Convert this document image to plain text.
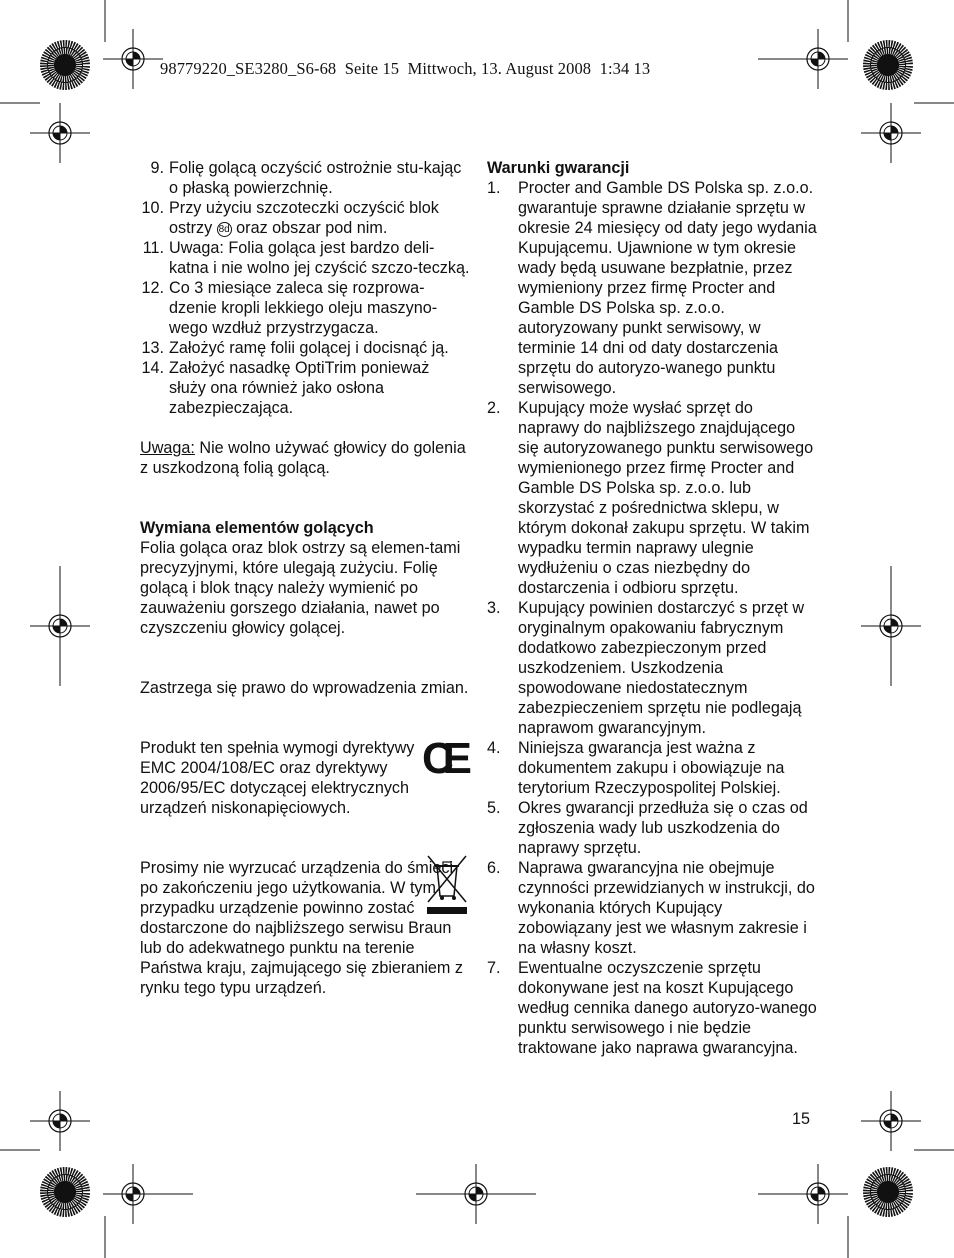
98779220_SE3280_S6-68  Seite 15  Mittwoch, 13. August 2008  1:34 13
9. Folię golącą oczyścić ostrożnie stu-kając o płaską powierzchnię.
10. Przy użyciu szczoteczki oczyścić blok ostrzy 8d oraz obszar pod nim.
11. Uwaga: Folia goląca jest bardzo deli-katna i nie wolno jej czyścić szczo-teczką.
12. Co 3 miesiące zaleca się rozprowa-dzenie kropli lekkiego oleju maszyno-wego wzdłuż przystrzygacza.
13. Założyć ramę folii golącej i docisnąć ją.
14. Założyć nasadkę OptiTrim ponieważ służy ona również jako osłona zabezpieczająca.
Uwaga: Nie wolno używać głowicy do golenia z uszkodzoną folią golącą.
Wymiana elementów golących
Folia goląca oraz blok ostrzy są elemen-tami precyzyjnymi, które ulegają zużyciu. Folię golącą i blok tnący należy wymienić po zauważeniu gorszego działania, nawet po czyszczeniu głowicy golącej.
Zastrzega się prawo do wprowadzenia zmian.
Produkt ten spełnia wymogi dyrektywy EMC 2004/108/EC oraz dyrektywy 2006/95/EC dotyczącej elektrycznych urządzeń niskonapięciowych.
CE
Prosimy nie wyrzucać urządzenia do śmieci po zakończeniu jego użytkowania. W tym przypadku urządzenie powinno zostać dostarczone do najbliższego serwisu Braun lub do adekwatnego punktu na terenie Państwa kraju, zajmującego się zbieraniem z rynku tego typu urządzeń.
Warunki gwarancji
1. Procter and Gamble DS Polska sp. z.o.o. gwarantuje sprawne działanie sprzętu w okresie 24 miesięcy od daty jego wydania Kupującemu. Ujawnione w tym okresie wady będą usuwane bezpłatnie, przez wymieniony przez firmę Procter and Gamble DS Polska sp. z.o.o. autoryzowany punkt serwisowy, w terminie 14 dni od daty dostarczenia sprzętu do autoryzo-wanego punktu serwisowego.
2. Kupujący może wysłać sprzęt do naprawy do najbliższego znajdującego się autoryzowanego punktu serwisowego wymienionego przez firmę Procter and Gamble DS Polska sp. z.o.o. lub skorzystać z pośrednictwa sklepu, w którym dokonał zakupu sprzętu. W takim wypadku termin naprawy ulegnie wydłużeniu o czas niezbędny do dostarczenia i odbioru sprzętu.
3. Kupujący powinien dostarczyć s przęt w oryginalnym opakowaniu fabrycznym dodatkowo zabezpieczonym przed uszkodzeniem. Uszkodzenia spowodowane niedostatecznym zabezpieczeniem sprzętu nie podlegają naprawom gwarancyjnym.
4. Niniejsza gwarancja jest ważna z dokumentem zakupu i obowiązuje na terytorium Rzeczypospolitej Polskiej.
5. Okres gwarancji przedłuża się o czas od zgłoszenia wady lub uszkodzenia do naprawy sprzętu.
6. Naprawa gwarancyjna nie obejmuje czynności przewidzianych w instrukcji, do wykonania których Kupujący zobowiązany jest we własnym zakresie i na własny koszt.
7. Ewentualne oczyszczenie sprzętu dokonywane jest na koszt Kupującego według cennika danego autoryzo-wanego punktu serwisowego i nie będzie traktowane jako naprawa gwarancyjna.
15
